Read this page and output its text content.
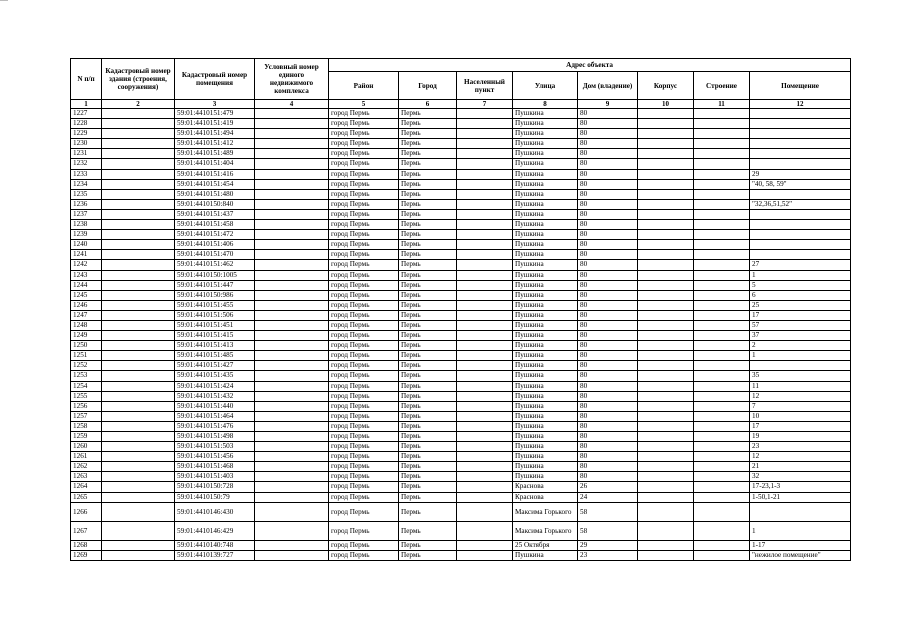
N п/п	Кадастровый номер здания (строения, сооружения)	Кадастровый номер помещения	Условный номер единого недвижимого комплекса	Адрес объекта							
				Район	Город	Населенный пункт	Улица	Дом (владение)	Корпус	Строение	Помещение
1	2	3	4	5	6	7	8	9	10	11	12
1227		59:01:4410151:479		город Пермь	Пермь		Пушкина	80			
1228		59:01:4410151:419		город Пермь	Пермь		Пушкина	80			
1229		59:01:4410151:494		город Пермь	Пермь		Пушкина	80			
1230		59:01:4410151:412		город Пермь	Пермь		Пушкина	80			
1231		59:01:4410151:489		город Пермь	Пермь		Пушкина	80			
1232		59:01:4410151:404		город Пермь	Пермь		Пушкина	80			
1233		59:01:4410151:416		город Пермь	Пермь		Пушкина	80			29
1234		59:01:4410151:454		город Пермь	Пермь		Пушкина	80			"40, 58, 59"
1235		59:01:4410151:480		город Пермь	Пермь		Пушкина	80			
1236		59:01:4410150:840		город Пермь	Пермь		Пушкина	80			"32,36,51,52"
1237		59:01:4410151:437		город Пермь	Пермь		Пушкина	80			
1238		59:01:4410151:458		город Пермь	Пермь		Пушкина	80			
1239		59:01:4410151:472		город Пермь	Пермь		Пушкина	80			
1240		59:01:4410151:406		город Пермь	Пермь		Пушкина	80			
1241		59:01:4410151:470		город Пермь	Пермь		Пушкина	80			
1242		59:01:4410151:462		город Пермь	Пермь		Пушкина	80			27
1243		59:01:4410150:1005		город Пермь	Пермь		Пушкина	80			1
1244		59:01:4410151:447		город Пермь	Пермь		Пушкина	80			5
1245		59:01:4410150:986		город Пермь	Пермь		Пушкина	80			6
1246		59:01:4410151:455		город Пермь	Пермь		Пушкина	80			25
1247		59:01:4410151:506		город Пермь	Пермь		Пушкина	80			17
1248		59:01:4410151:451		город Пермь	Пермь		Пушкина	80			57
1249		59:01:4410151:415		город Пермь	Пермь		Пушкина	80			37
1250		59:01:4410151:413		город Пермь	Пермь		Пушкина	80			2
1251		59:01:4410151:485		город Пермь	Пермь		Пушкина	80			1
1252		59:01:4410151:427		город Пермь	Пермь		Пушкина	80			
1253		59:01:4410151:435		город Пермь	Пермь		Пушкина	80			35
1254		59:01:4410151:424		город Пермь	Пермь		Пушкина	80			11
1255		59:01:4410151:432		город Пермь	Пермь		Пушкина	80			12
1256		59:01:4410151:440		город Пермь	Пермь		Пушкина	80			7
1257		59:01:4410151:464		город Пермь	Пермь		Пушкина	80			10
1258		59:01:4410151:476		город Пермь	Пермь		Пушкина	80			17
1259		59:01:4410151:498		город Пермь	Пермь		Пушкина	80			19
1260		59:01:4410151:503		город Пермь	Пермь		Пушкина	80			23
1261		59:01:4410151:456		город Пермь	Пермь		Пушкина	80			12
1262		59:01:4410151:468		город Пермь	Пермь		Пушкина	80			21
1263		59:01:4410151:403		город Пермь	Пермь		Пушкина	80			32
1264		59:01:4410150:728		город Пермь	Пермь		Краснова	26			17-23,1-3
1265		59:01:4410150:79		город Пермь	Пермь		Краснова	24			1-50,1-21
1266		59:01:4410146:430		город Пермь	Пермь		Максима Горького	58			
1267		59:01:4410146:429		город Пермь	Пермь		Максима Горького	58			1
1268		59:01:4410140:748		город Пермь	Пермь		25 Октября	29			1-17
1269		59:01:4410139:727		город Пермь	Пермь		Пушкина	23			"нежилое помещение"
